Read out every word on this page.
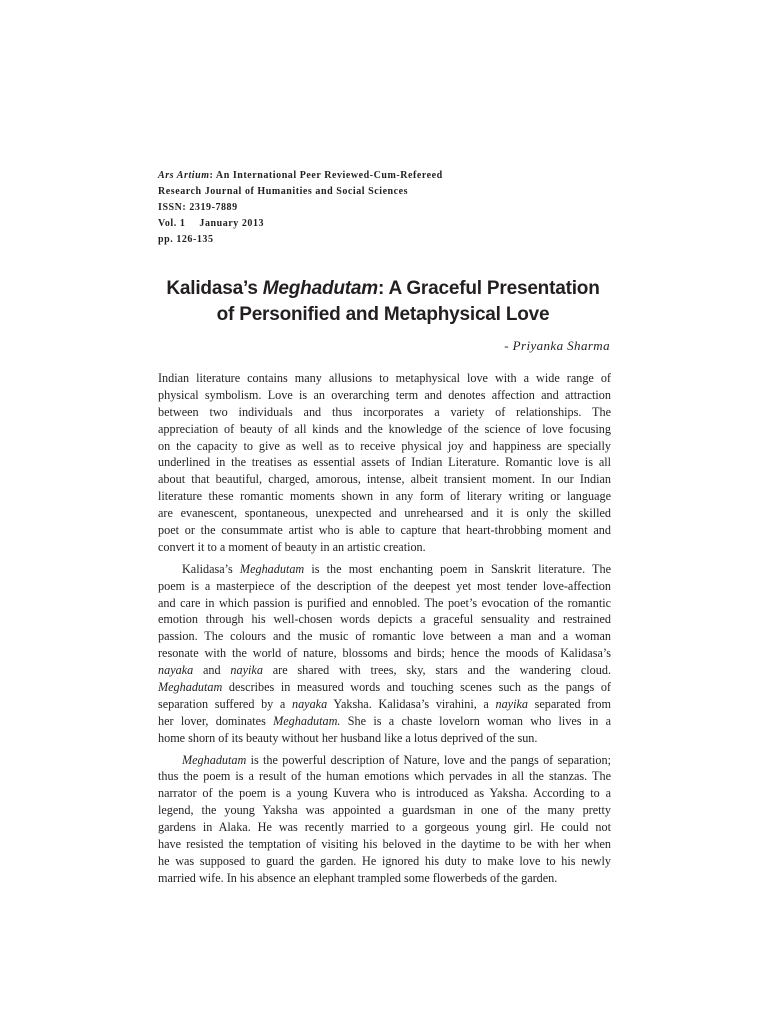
Ars Artium: An International Peer Reviewed-Cum-Refereed
Research Journal of Humanities and Social Sciences
ISSN: 2319-7889
Vol. 1 January 2013
pp. 126-135
Kalidasa’s Meghadutam: A Graceful Presentation
of Personified and Metaphysical Love
- Priyanka Sharma

Indian literature contains many allusions to metaphysical love with a wide range of
physical symbolism. Love is an overarching term and denotes affection and attraction
between two individuals and thus incorporates a variety of relationships. The
appreciation of beauty of all kinds and the knowledge of the science of love focusing
on the capacity to give as well as to receive physical joy and happiness are specially
underlined in the treatises as essential assets of Indian Literature. Romantic love is all
about that beautiful, charged, amorous, intense, albeit transient moment. In our Indian
literature these romantic moments shown in any form of literary writing or language
are evanescent, spontaneous, unexpected and unrehearsed and it is only the skilled
poet or the consummate artist who is able to capture that heart-throbbing moment and
convert it to a moment of beauty in an artistic creation.

Kalidasa’s Meghadutam is the most enchanting poem in Sanskrit literature. The
poem is a masterpiece of the description of the deepest yet most tender love-affection
and care in which passion is purified and ennobled. The poet’s evocation of the romantic
emotion through his well-chosen words depicts a graceful sensuality and restrained
passion. The colours and the music of romantic love between a man and a woman
resonate with the world of nature, blossoms and birds; hence the moods of Kalidasa’s
nayaka and nayika are shared with trees, sky, stars and the wandering cloud.
Meghadutam describes in measured words and touching scenes such as the pangs of
separation suffered by a nayaka Yaksha. Kalidasa’s virahini, a nayika separated from
her lover, dominates Meghadutam. She is a chaste lovelorn woman who lives in a
home shorn of its beauty without her husband like a lotus deprived of the sun.

Meghadutam is the powerful description of Nature, love and the pangs of separation;
thus the poem is a result of the human emotions which pervades in all the stanzas. The
narrator of the poem is a young Kuvera who is introduced as Yaksha. According to a
legend, the young Yaksha was appointed a guardsman in one of the many pretty
gardens in Alaka. He was recently married to a gorgeous young girl. He could not
have resisted the temptation of visiting his beloved in the daytime to be with her when
he was supposed to guard the garden. He ignored his duty to make love to his newly
married wife. In his absence an elephant trampled some flowerbeds of the garden.
